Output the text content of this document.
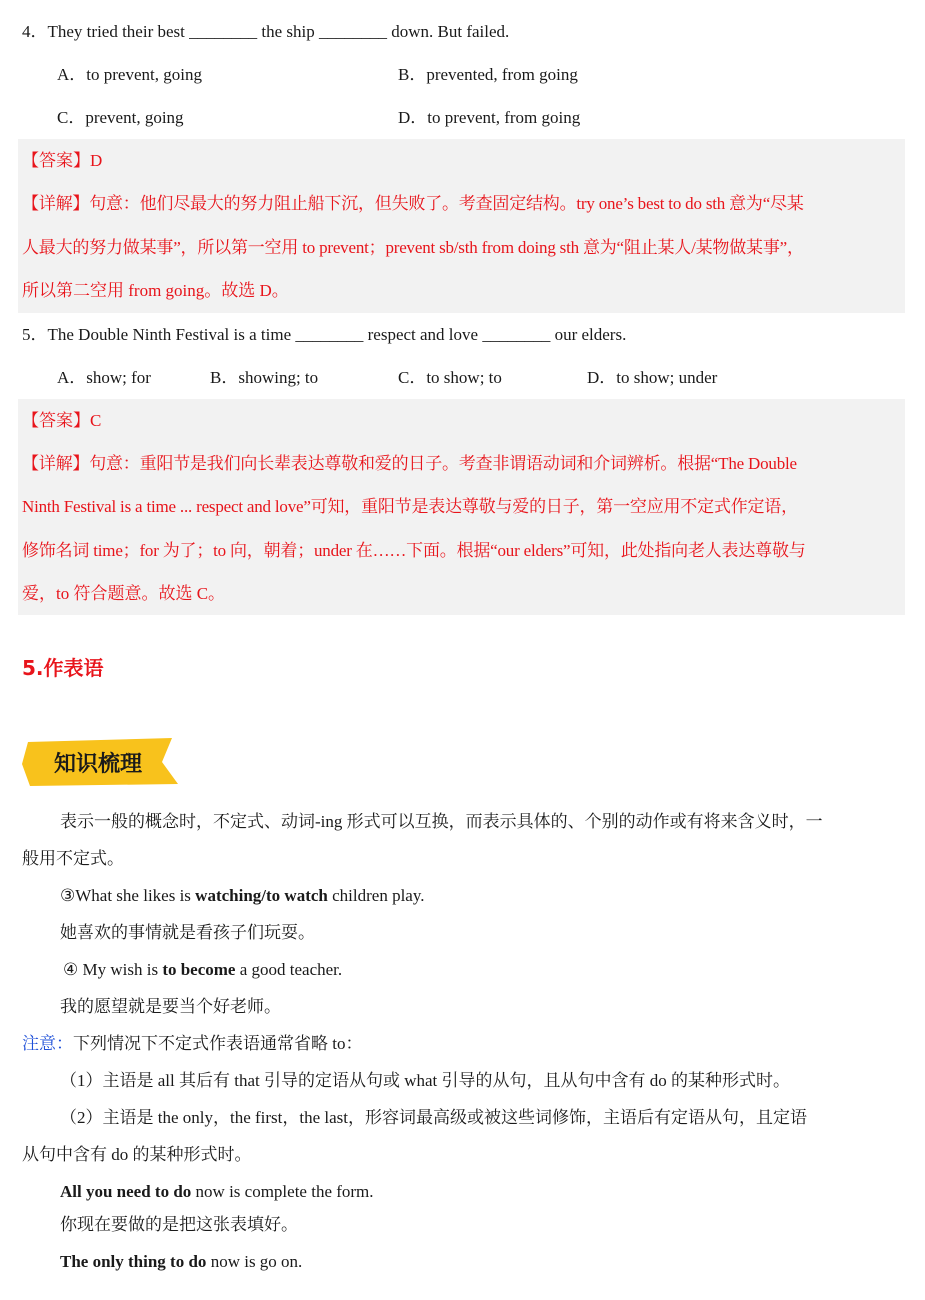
4．They tried their best ________ the ship ________ down. But failed.
A．to prevent, going	B．prevented, from going
C．prevent, going	D．to prevent, from going
【答案】D
【详解】句意：他们尽最大的努力阻止船下沉，但失败了。考查固定结构。try one’s best to do sth 意为“尽某
人最大的努力做某事”，所以第一空用 to prevent；prevent sb/sth from doing sth 意为“阻止某人/某物做某事”，
所以第二空用 from going。故选 D。
5．The Double Ninth Festival is a time ________ respect and love ________ our elders.
A．show; for	B．showing; to	C．to show; to	D．to show; under
【答案】C
【详解】句意：重阳节是我们向长辈表达尊敬和爱的日子。考查非谓语动词和介词辨析。根据“The Double
Ninth Festival is a time ... respect and love”可知，重阳节是表达尊敬与爱的日子，第一空应用不定式作定语，
修饰名词 time；for 为了；to 向，朝着；under 在……下面。根据“our elders”可知，此处指向老人表达尊敬与
爱，to 符合题意。故选 C。
5.作表语
知识梳理
表示一般的概念时，不定式、动词-ing 形式可以互换，而表示具体的、个别的动作或有将来含义时，一
般用不定式。
③What she likes is watching/to watch children play.
她喜欢的事情就是看孩子们玩耍。
④ My wish is to become a good teacher.
我的愿望就是要当个好老师。
注意：下列情况下不定式作表语通常省略 to：
（1）主语是 all 其后有 that 引导的定语从句或 what 引导的从句，且从句中含有 do 的某种形式时。
（2）主语是 the only，the first，the last，形容词最高级或被这些词修饰，主语后有定语从句，且定语
从句中含有 do 的某种形式时。
All you need to do now is complete the form.
你现在要做的是把这张表填好。
The only thing to do now is go on.
